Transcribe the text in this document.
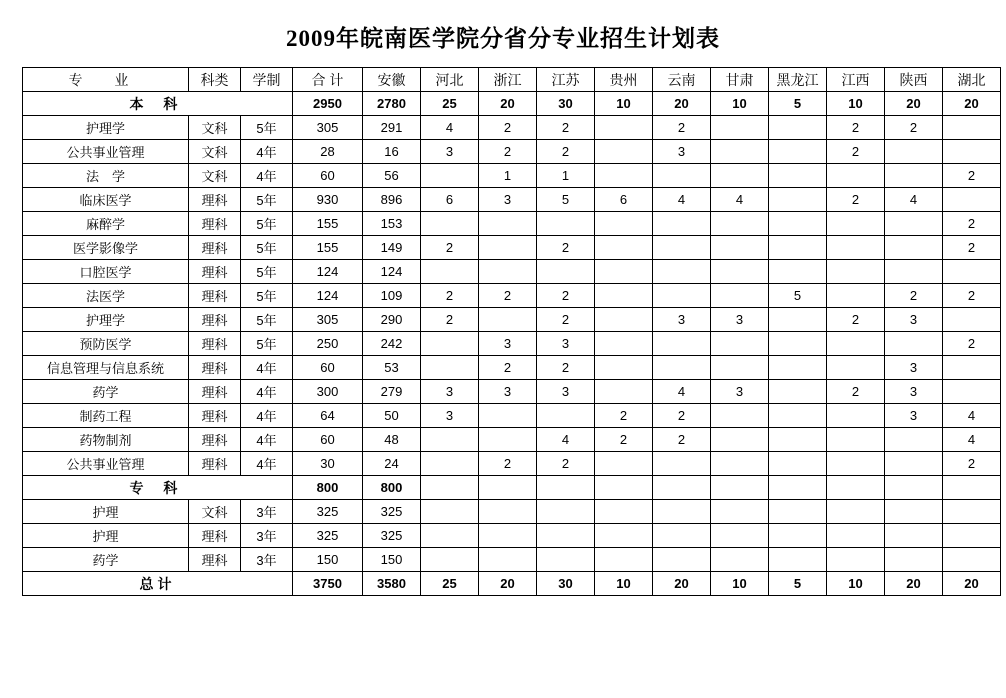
2009年皖南医学院分省分专业招生计划表
专 业	科类	学制	合 计	安徽	河北	浙江	江苏	贵州	云南	甘肃	黑龙江	江西	陕西	湖北
本 科			2950	2780	25	20	30	10	20	10	5	10	20	20
护理学	文科	5年	305	291	4	2	2		2			2	2	
公共事业管理	文科	4年	28	16	3	2	2		3			2		
法　学	文科	4年	60	56		1	1							2
临床医学	理科	5年	930	896	6	3	5	6	4	4		2	4	
麻醉学	理科	5年	155	153										2
医学影像学	理科	5年	155	149	2		2							2
口腔医学	理科	5年	124	124										
法医学	理科	5年	124	109	2	2	2				5		2	2
护理学	理科	5年	305	290	2		2		3	3		2	3	
预防医学	理科	5年	250	242		3	3							2
信息管理与信息系统	理科	4年	60	53		2	2						3	
药学	理科	4年	300	279	3	3	3		4	3		2	3	
制药工程	理科	4年	64	50	3			2	2				3	4
药物制剂	理科	4年	60	48			4	2	2					4
公共事业管理	理科	4年	30	24		2	2							2
专 科			800	800										
护理	文科	3年	325	325										
护理	理科	3年	325	325										
药学	理科	3年	150	150										
总计			3750	3580	25	20	30	10	20	10	5	10	20	20
